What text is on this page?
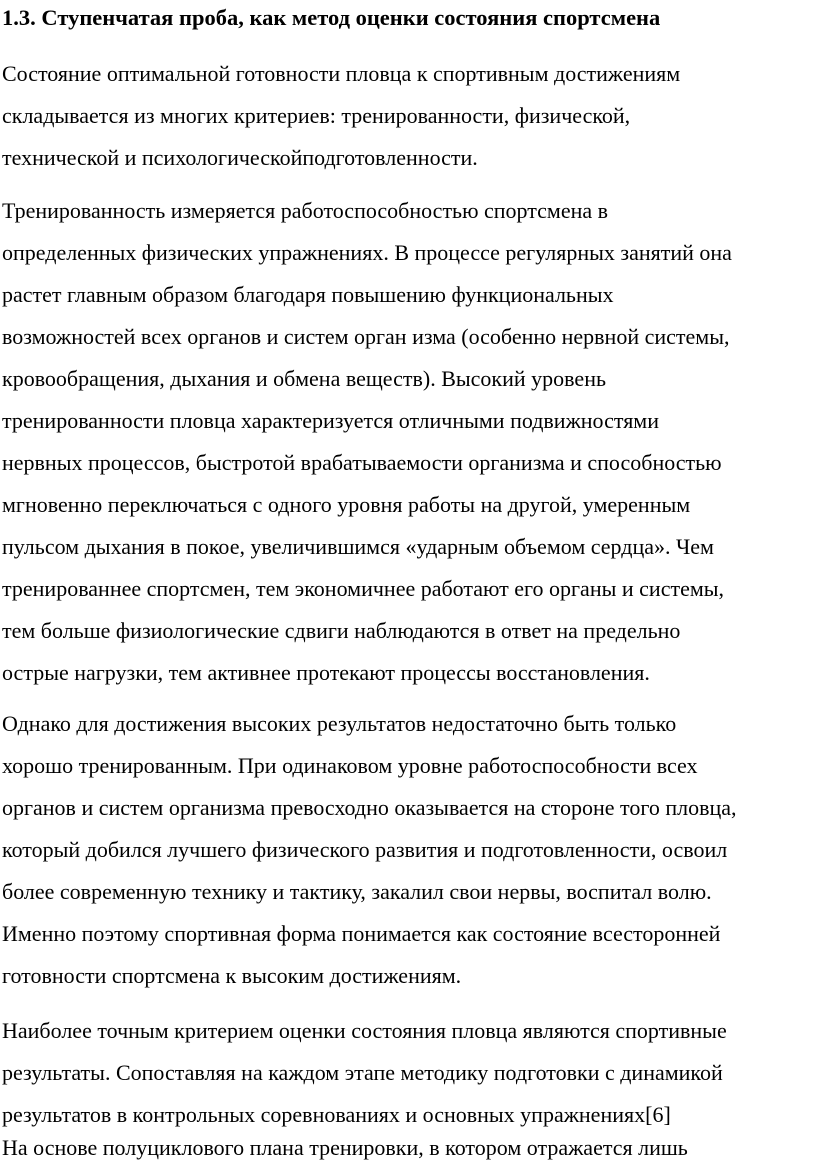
1.3. Ступенчатая проба, как метод оценки состояния спортсмена

Состояние оптимальной готовности пловца к спортивным достижениям
складывается из многих критериев: тренированности, физической,
технической и психологическойподготовленности.

Тренированность измеряется работоспособностью спортсмена в
определенных физических упражнениях. В процессе регулярных занятий она
растет главным образом благодаря повышению функциональных
возможностей всех органов и систем орган изма (особенно нервной системы,
кровообращения, дыхания и обмена веществ). Высокий уровень
тренированности пловца характеризуется отличными подвижностями
нервных процессов, быстротой врабатываемости организма и способностью
мгновенно переключаться с одного уровня работы на другой, умеренным
пульсом дыхания в покое, увеличившимся «ударным объемом сердца». Чем
тренированнее спортсмен, тем экономичнее работают его органы и системы,
тем больше физиологические сдвиги наблюдаются в ответ на предельно
острые нагрузки, тем активнее протекают процессы восстановления.

Однако для достижения высоких результатов недостаточно быть только
хорошо тренированным. При одинаковом уровне работоспособности всех
органов и систем организма превосходно оказывается на стороне того пловца,
который добился лучшего физического развития и подготовленности, освоил
более современную технику и тактику, закалил свои нервы, воспитал волю.
Именно поэтому спортивная форма понимается как состояние всесторонней
готовности спортсмена к высоким достижениям.

Наиболее точным критерием оценки состояния пловца являются спортивные
результаты. Сопоставляя на каждом этапе методику подготовки с динамикой
результатов в контрольных соревнованиях и основных упражнениях[6]

На основе полуциклового плана тренировки, в котором отражается лишь
